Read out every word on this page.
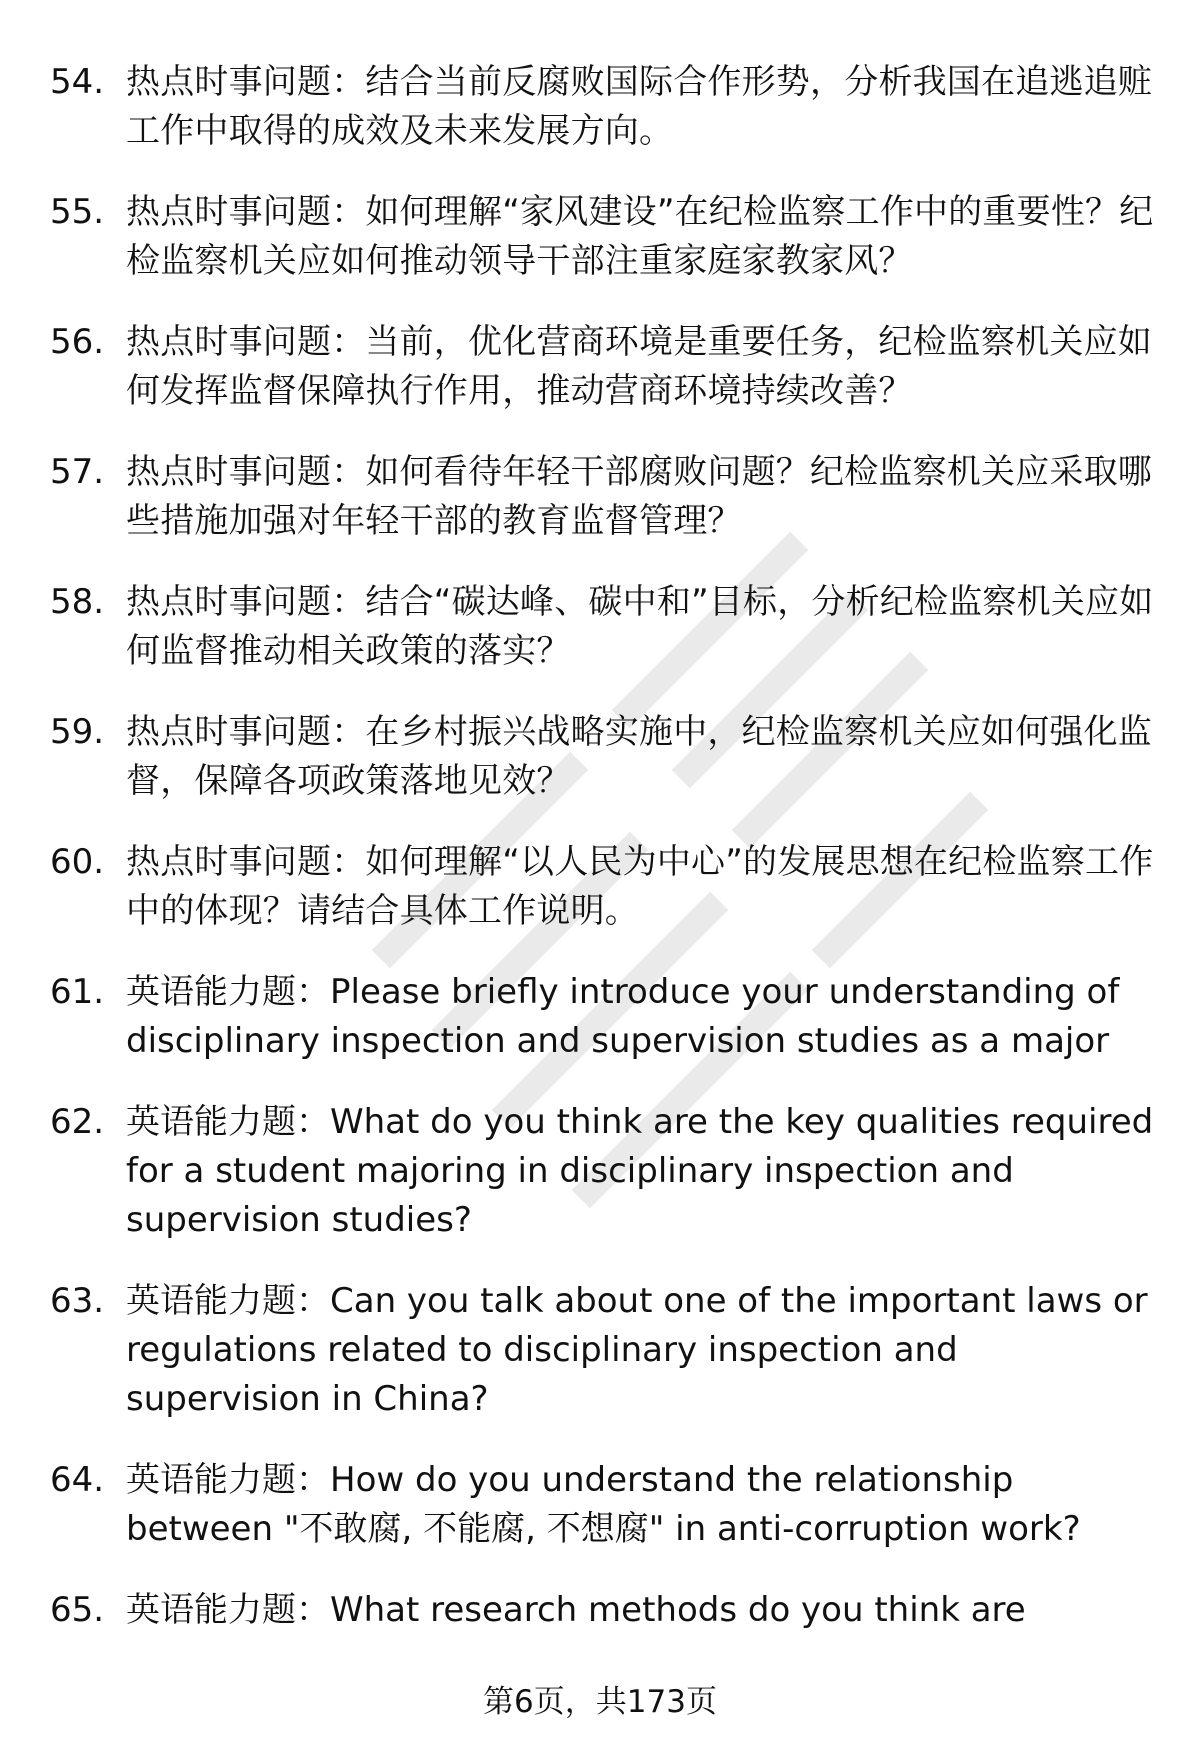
54. 热点时事问题：结合当前反腐败国际合作形势，分析我国在追逃追赃工作中取得的成效及未来发展方向。
55. 热点时事问题：如何理解“家风建设”在纪检监察工作中的重要性？纪检监察机关应如何推动领导干部注重家庭家教家风？
56. 热点时事问题：当前，优化营商环境是重要任务，纪检监察机关应如何发挥监督保障执行作用，推动营商环境持续改善？
57. 热点时事问题：如何看待年轻干部腐败问题？纪检监察机关应采取哪些措施加强对年轻干部的教育监督管理？
58. 热点时事问题：结合“碳达峰、碳中和”目标，分析纪检监察机关应如何监督推动相关政策的落实？
59. 热点时事问题：在乡村振兴战略实施中，纪检监察机关应如何强化监督，保障各项政策落地见效？
60. 热点时事问题：如何理解“以人民为中心”的发展思想在纪检监察工作中的体现？请结合具体工作说明。
61. 英语能力题：Please briefly introduce your understanding of disciplinary inspection and supervision studies as a major
62. 英语能力题：What do you think are the key qualities required for a student majoring in disciplinary inspection and supervision studies?
63. 英语能力题：Can you talk about one of the important laws or regulations related to disciplinary inspection and supervision in China?
64. 英语能力题：How do you understand the relationship between "不敢腐, 不能腐, 不想腐" in anti-corruption work?
65. 英语能力题：What research methods do you think are
第6页，共173页
